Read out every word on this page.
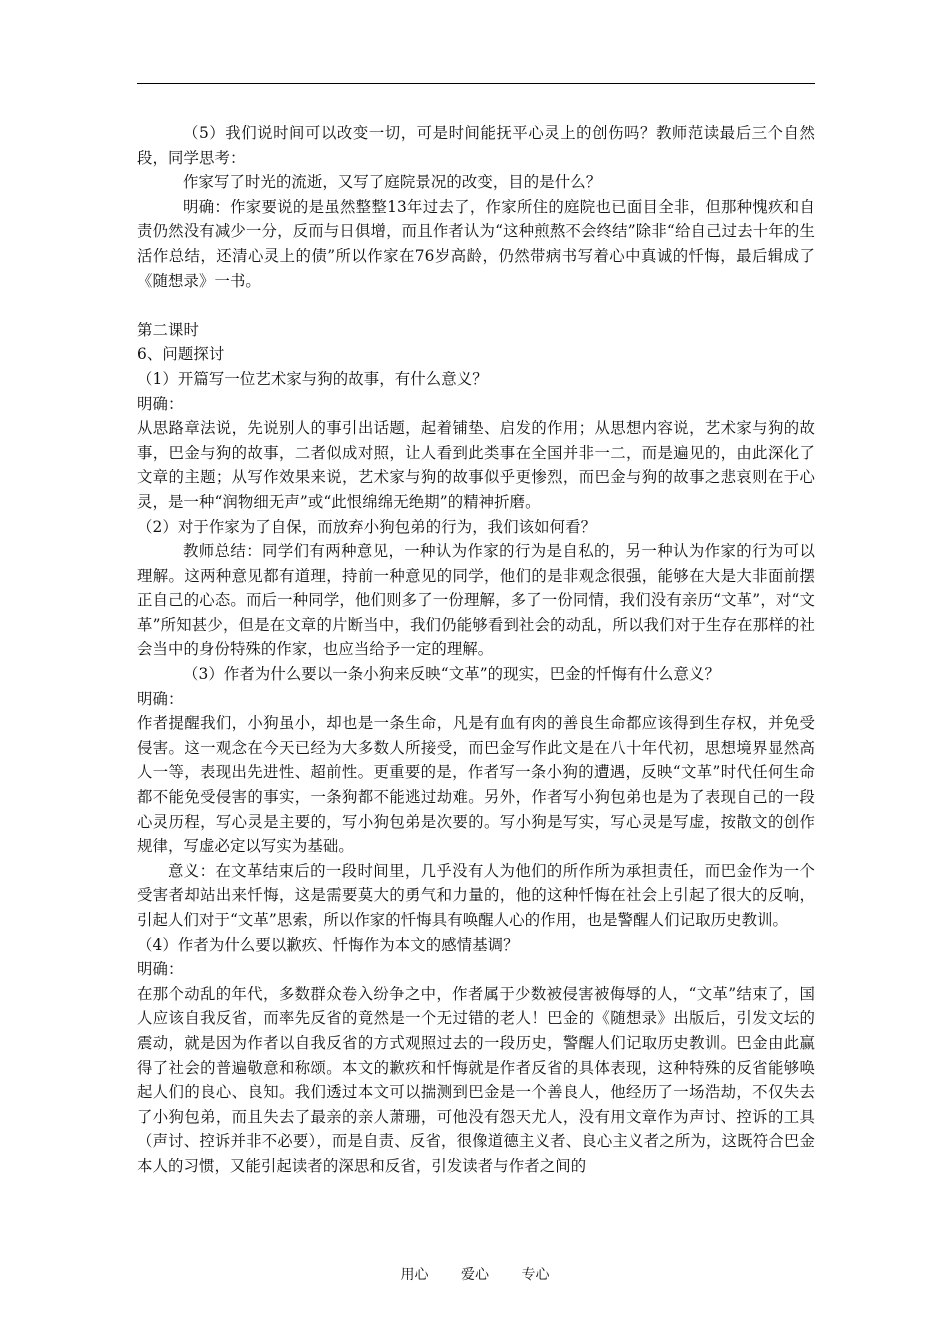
（5）我们说时间可以改变一切，可是时间能抚平心灵上的创伤吗？教师范读最后三个自然段，同学思考：

作家写了时光的流逝，又写了庭院景况的改变，目的是什么？

明确：作家要说的是虽然整整13年过去了，作家所住的庭院也已面目全非，但那种愧疚和自责仍然没有减少一分，反而与日俱增，而且作者认为“这种煎熬不会终结”除非“给自己过去十年的生活作总结，还清心灵上的债”所以作家在76岁高龄，仍然带病书写着心中真诚的忏悔，最后辑成了《随想录》一书。

第二课时

6、问题探讨

（1）开篇写一位艺术家与狗的故事，有什么意义？

明确：

从思路章法说，先说别人的事引出话题，起着铺垫、启发的作用；从思想内容说，艺术家与狗的故事，巴金与狗的故事，二者似成对照，让人看到此类事在全国并非一二，而是遍见的，由此深化了文章的主题；从写作效果来说，艺术家与狗的故事似乎更惨烈，而巴金与狗的故事之悲哀则在于心灵，是一种“润物细无声”或“此恨绵绵无绝期”的精神折磨。

（2）对于作家为了自保，而放弃小狗包弟的行为，我们该如何看？

教师总结：同学们有两种意见，一种认为作家的行为是自私的，另一种认为作家的行为可以理解。这两种意见都有道理，持前一种意见的同学，他们的是非观念很强，能够在大是大非面前摆正自己的心态。而后一种同学，他们则多了一份理解，多了一份同情，我们没有亲历“文革”，对“文革”所知甚少，但是在文章的片断当中，我们仍能够看到社会的动乱，所以我们对于生存在那样的社会当中的身份特殊的作家，也应当给予一定的理解。

（3）作者为什么要以一条小狗来反映“文革”的现实，巴金的忏悔有什么意义？

明确：

作者提醒我们，小狗虽小，却也是一条生命，凡是有血有肉的善良生命都应该得到生存权，并免受侵害。这一观念在今天已经为大多数人所接受，而巴金写作此文是在八十年代初，思想境界显然高人一等，表现出先进性、超前性。更重要的是，作者写一条小狗的遭遇，反映“文革”时代任何生命都不能免受侵害的事实，一条狗都不能逃过劫难。另外，作者写小狗包弟也是为了表现自己的一段心灵历程，写心灵是主要的，写小狗包弟是次要的。写小狗是写实，写心灵是写虚，按散文的创作规律，写虚必定以写实为基础。

意义：在文革结束后的一段时间里，几乎没有人为他们的所作所为承担责任，而巴金作为一个受害者却站出来忏悔，这是需要莫大的勇气和力量的，他的这种忏悔在社会上引起了很大的反响，引起人们对于“文革”思索，所以作家的忏悔具有唤醒人心的作用，也是警醒人们记取历史教训。

（4）作者为什么要以歉疚、忏悔作为本文的感情基调？

明确：

在那个动乱的年代，多数群众卷入纷争之中，作者属于少数被侵害被侮辱的人，“文革”结束了，国人应该自我反省，而率先反省的竟然是一个无过错的老人！巴金的《随想录》出版后，引发文坛的震动，就是因为作者以自我反省的方式观照过去的一段历史，警醒人们记取历史教训。巴金由此赢得了社会的普遍敬意和称颂。本文的歉疚和忏悔就是作者反省的具体表现，这种特殊的反省能够唤起人们的良心、良知。我们透过本文可以揣测到巴金是一个善良人，他经历了一场浩劫，不仅失去了小狗包弟，而且失去了最亲的亲人萧珊，可他没有怨天尤人，没有用文章作为声讨、控诉的工具（声讨、控诉并非不必要），而是自责、反省，很像道德主义者、良心主义者之所为，这既符合巴金本人的习惯，又能引起读者的深思和反省，引发读者与作者之间的

用心 爱心 专心
